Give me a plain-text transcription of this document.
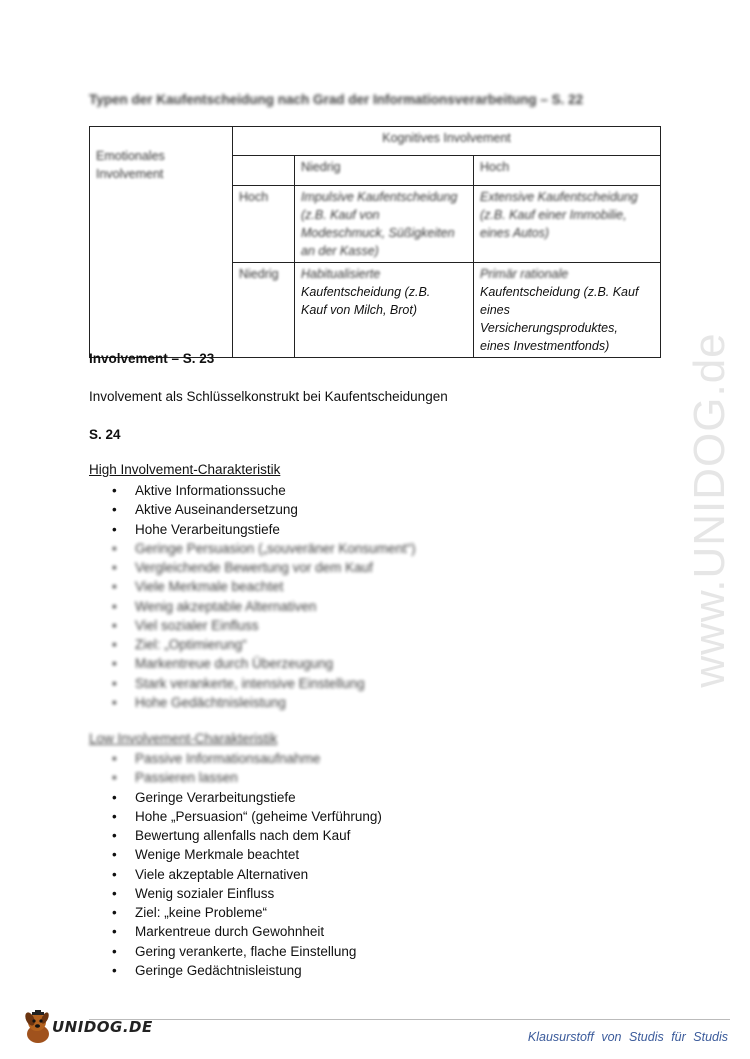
Typen der Kaufentscheidung nach Grad der Informationsverarbeitung – S. 22

Emotionales Involvement	Kognitives Involvement		
		Niedrig	Hoch
	Hoch	Impulsive Kaufentscheidung (z.B. Kauf von Modeschmuck, Süßigkeiten an der Kasse)	Extensive Kaufentscheidung (z.B. Kauf einer Immobilie, eines Autos)

	Niedrig	Habitualisierte
Kaufentscheidung (z.B.
Kauf von Milch, Brot)	Primär rationale
Kaufentscheidung (z.B. Kauf
eines
Versicherungsproduktes,
eines Investmentfonds)
Involvement – S. 23
Involvement als Schlüsselkonstrukt bei Kaufentscheidungen
S. 24
High Involvement-Charakteristik
• Aktive Informationssuche
• Aktive Auseinandersetzung
• Hohe Verarbeitungstiefe
• Geringe Persuasion („souveräner Konsument“)
• Vergleichende Bewertung vor dem Kauf
• Viele Merkmale beachtet
• Wenig akzeptable Alternativen
• Viel sozialer Einfluss
• Ziel: „Optimierung“
• Markentreue durch Überzeugung
• Stark verankerte, intensive Einstellung
• Hohe Gedächtnisleistung
Low Involvement-Charakteristik
• Passive Informationsaufnahme
• Passieren lassen
• Geringe Verarbeitungstiefe
• Hohe „Persuasion“ (geheime Verführung)
• Bewertung allenfalls nach dem Kauf
• Wenige Merkmale beachtet
• Viele akzeptable Alternativen
• Wenig sozialer Einfluss
• Ziel: „keine Probleme“
• Markentreue durch Gewohnheit
• Gering verankerte, flache Einstellung
• Geringe Gedächtnisleistung
www.UNIDOG.de
UNIDOG.DE
Klausurstoff von Studis für Studis
